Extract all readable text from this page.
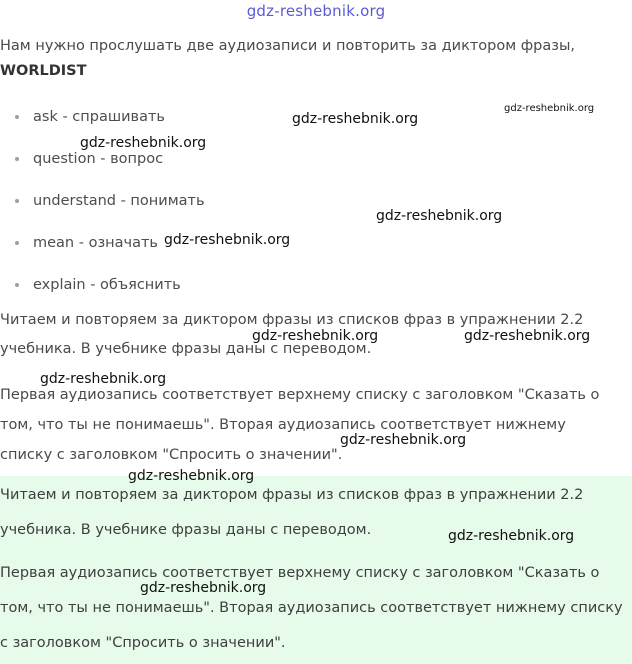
gdz-reshebnik.org
Нам нужно прослушать две аудиозаписи и повторить за диктором фразы,
WORLDIST
ask - спрашивать
question - вопрос
understand - понимать
mean - означать
explain - объяснить
Читаем и повторяем за диктором фразы из списков фраз в упражнении 2.2 учебника. В учебнике фразы даны с переводом.
Первая аудиозапись соответствует верхнему списку с заголовком "Сказать о том, что ты не понимаешь". Вторая аудиозапись соответствует нижнему списку с заголовком "Спросить о значении".
Читаем и повторяем за диктором фразы из списков фраз в упражнении 2.2 учебника. В учебнике фразы даны с переводом.
Первая аудиозапись соответствует верхнему списку с заголовком "Сказать о том, что ты не понимаешь". Вторая аудиозапись соответствует нижнему списку с заголовком "Спросить о значении".
gdz-reshebnik.org
gdz-reshebnik.org
gdz-reshebnik.org
gdz-reshebnik.org
gdz-reshebnik.org
gdz-reshebnik.org	gdz-reshebnik.org
gdz-reshebnik.org
gdz-reshebnik.org
gdz-reshebnik.org
gdz-reshebnik.org
gdz-reshebnik.org
